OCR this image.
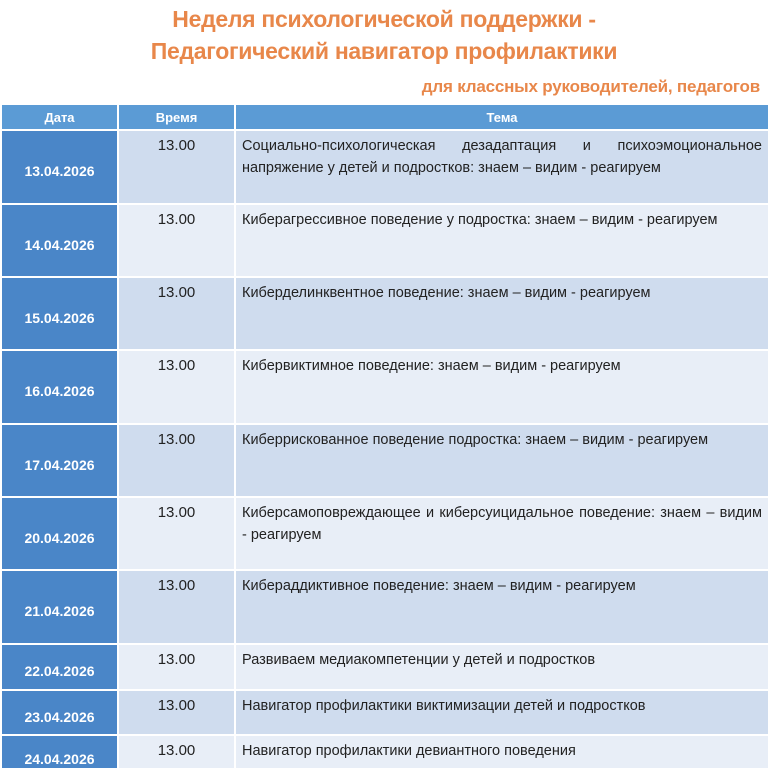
Неделя психологической поддержки -
Педагогический навигатор профилактики
для классных руководителей, педагогов
Дата	Время	Тема
13.04.2026	13.00	Социально-психологическая дезадаптация и психоэмоциональное напряжение у детей и подростков: знаем – видим - реагируем
14.04.2026	13.00	Киберагрессивное поведение у подростка: знаем – видим - реагируем
15.04.2026	13.00	Киберделинквентное поведение: знаем – видим - реагируем
16.04.2026	13.00	Кибервиктимное поведение: знаем – видим - реагируем
17.04.2026	13.00	Киберрискованное поведение подростка: знаем – видим - реагируем
20.04.2026	13.00	Киберсамоповреждающее и киберсуицидальное поведение: знаем – видим - реагируем
21.04.2026	13.00	Кибераддиктивное поведение: знаем – видим - реагируем
22.04.2026	13.00	Развиваем медиакомпетенции у детей и подростков
23.04.2026	13.00	Навигатор профилактики виктимизации детей и подростков
24.04.2026	13.00	Навигатор профилактики девиантного поведения
